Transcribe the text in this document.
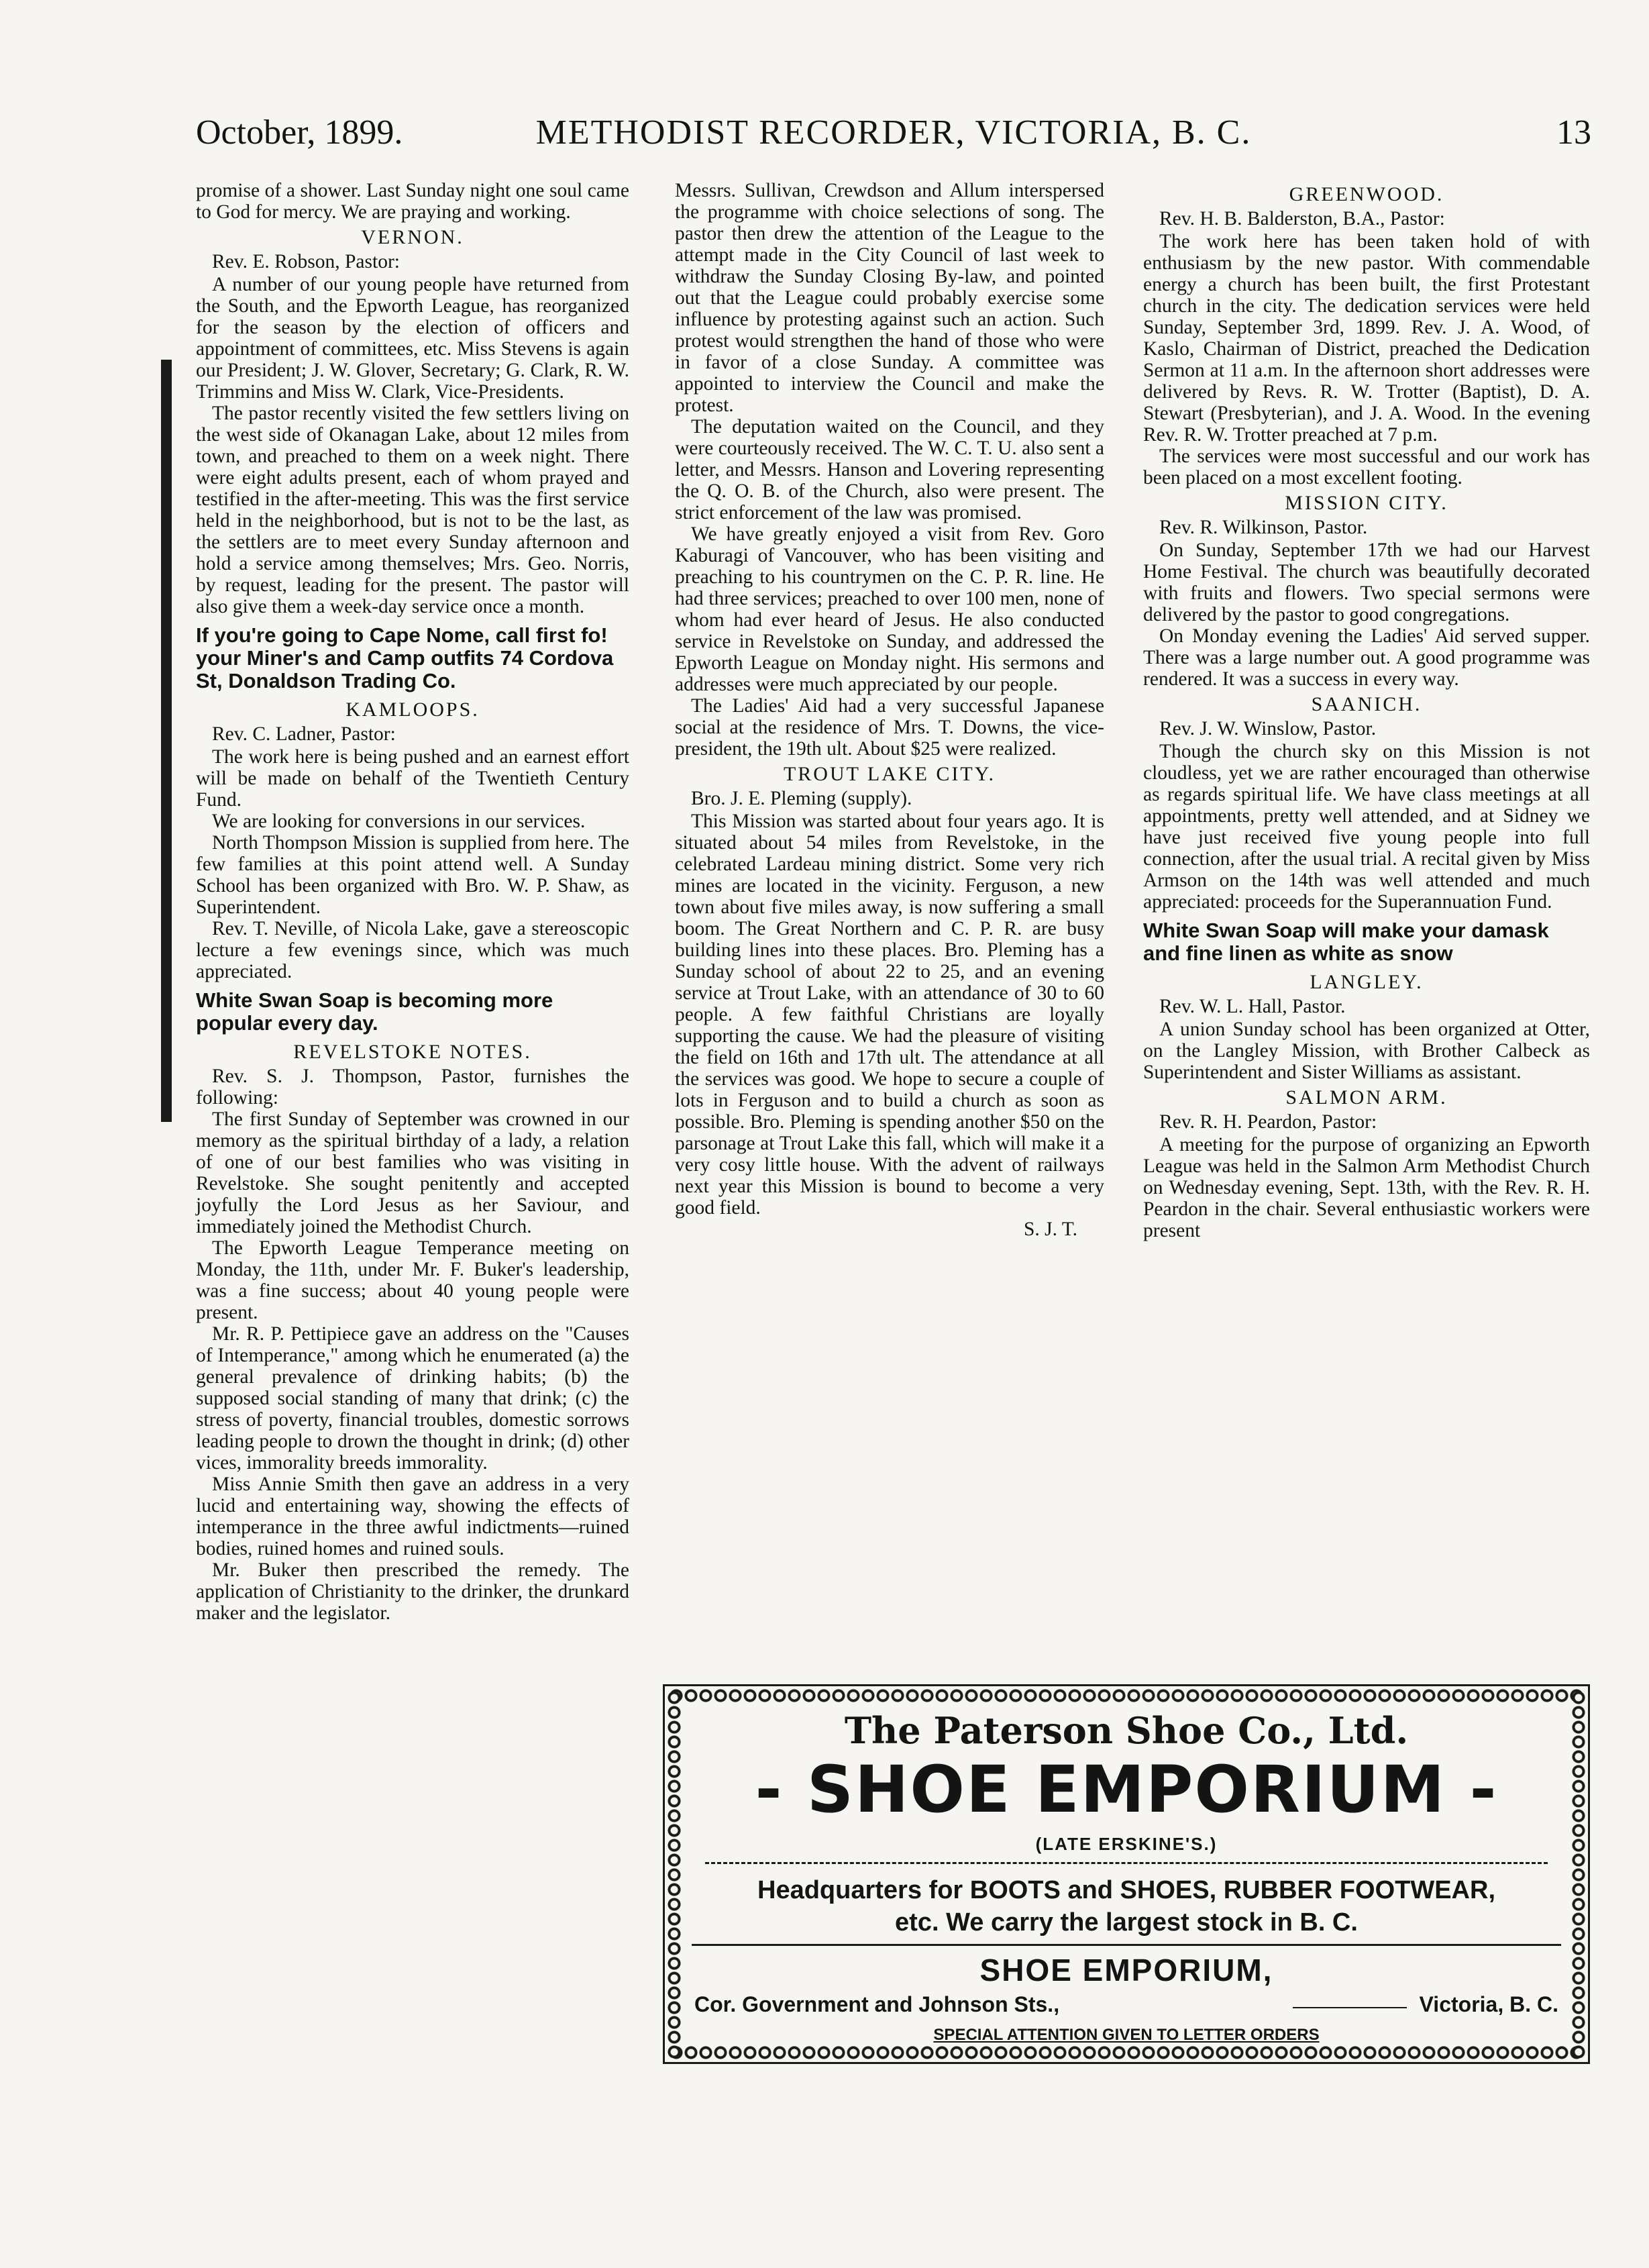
October, 1899.	METHODIST RECORDER, VICTORIA, B. C.	13

promise of a shower. Last Sunday night one soul came to God for mercy. We are praying and working.

VERNON.
Rev. E. Robson, Pastor:

A number of our young people have returned from the South, and the Epworth League, has reorganized for the season by the election of officers and appointment of committees, etc. Miss Stevens is again our President; J. W. Glover, Secretary; G. Clark, R. W. Trimmins and Miss W. Clark, Vice-Presidents.

The pastor recently visited the few settlers living on the west side of Okanagan Lake, about 12 miles from town, and preached to them on a week night. There were eight adults present, each of whom prayed and testified in the after-meeting. This was the first service held in the neighborhood, but is not to be the last, as the settlers are to meet every Sunday afternoon and hold a service among themselves; Mrs. Geo. Norris, by request, leading for the present. The pastor will also give them a week-day service once a month.

If you're going to Cape Nome, call first fo! your Miner's and Camp outfits 74 Cordova St, Donaldson Trading Co.
KAMLOOPS.
Rev. C. Ladner, Pastor:

The work here is being pushed and an earnest effort will be made on behalf of the Twentieth Century Fund.

We are looking for conversions in our services.

North Thompson Mission is supplied from here. The few families at this point attend well. A Sunday School has been organized with Bro. W. P. Shaw, as Superintendent.

Rev. T. Neville, of Nicola Lake, gave a stereoscopic lecture a few evenings since, which was much appreciated.

White Swan Soap is becoming more popular every day.
REVELSTOKE NOTES.

Rev. S. J. Thompson, Pastor, furnishes the following:

The first Sunday of September was crowned in our memory as the spiritual birthday of a lady, a relation of one of our best families who was visiting in Revelstoke. She sought penitently and accepted joyfully the Lord Jesus as her Saviour, and immediately joined the Methodist Church.

The Epworth League Temperance meeting on Monday, the 11th, under Mr. F. Buker's leadership, was a fine success; about 40 young people were present.

Mr. R. P. Pettipiece gave an address on the "Causes of Intemperance," among which he enumerated (a) the general prevalence of drinking habits; (b) the supposed social standing of many that drink; (c) the stress of poverty, financial troubles, domestic sorrows leading people to drown the thought in drink; (d) other vices, immorality breeds immorality.

Miss Annie Smith then gave an address in a very lucid and entertaining way, showing the effects of intemperance in the three awful indictments—ruined bodies, ruined homes and ruined souls.

Mr. Buker then prescribed the remedy. The application of Christianity to the drinker, the drunkard maker and the legislator.

Messrs. Sullivan, Crewdson and Allum interspersed the programme with choice selections of song. The pastor then drew the attention of the League to the attempt made in the City Council of last week to withdraw the Sunday Closing By-law, and pointed out that the League could probably exercise some influence by protesting against such an action. Such protest would strengthen the hand of those who were in favor of a close Sunday. A committee was appointed to interview the Council and make the protest.

The deputation waited on the Council, and they were courteously received. The W. C. T. U. also sent a letter, and Messrs. Hanson and Lovering representing the Q. O. B. of the Church, also were present. The strict enforcement of the law was promised.

We have greatly enjoyed a visit from Rev. Goro Kaburagi of Vancouver, who has been visiting and preaching to his countrymen on the C. P. R. line. He had three services; preached to over 100 men, none of whom had ever heard of Jesus. He also conducted service in Revelstoke on Sunday, and addressed the Epworth League on Monday night. His sermons and addresses were much appreciated by our people.

The Ladies' Aid had a very successful Japanese social at the residence of Mrs. T. Downs, the vice-president, the 19th ult. About $25 were realized.

TROUT LAKE CITY.
Bro. J. E. Pleming (supply).

This Mission was started about four years ago. It is situated about 54 miles from Revelstoke, in the celebrated Lardeau mining district. Some very rich mines are located in the vicinity. Ferguson, a new town about five miles away, is now suffering a small boom. The Great Northern and C. P. R. are busy building lines into these places. Bro. Pleming has a Sunday school of about 22 to 25, and an evening service at Trout Lake, with an attendance of 30 to 60 people. A few faithful Christians are loyally supporting the cause. We had the pleasure of visiting the field on 16th and 17th ult. The attendance at all the services was good. We hope to secure a couple of lots in Ferguson and to build a church as soon as possible. Bro. Pleming is spending another $50 on the parsonage at Trout Lake this fall, which will make it a very cosy little house. With the advent of railways next year this Mission is bound to become a very good field.

S. J. T.
GREENWOOD.
Rev. H. B. Balderston, B.A., Pastor:

The work here has been taken hold of with enthusiasm by the new pastor. With commendable energy a church has been built, the first Protestant church in the city. The dedication services were held Sunday, September 3rd, 1899. Rev. J. A. Wood, of Kaslo, Chairman of District, preached the Dedication Sermon at 11 a.m. In the afternoon short addresses were delivered by Revs. R. W. Trotter (Baptist), D. A. Stewart (Presbyterian), and J. A. Wood. In the evening Rev. R. W. Trotter preached at 7 p.m.

The services were most successful and our work has been placed on a most excellent footing.

MISSION CITY.
Rev. R. Wilkinson, Pastor.

On Sunday, September 17th we had our Harvest Home Festival. The church was beautifully decorated with fruits and flowers. Two special sermons were delivered by the pastor to good congregations.

On Monday evening the Ladies' Aid served supper. There was a large number out. A good programme was rendered. It was a success in every way.

SAANICH.
Rev. J. W. Winslow, Pastor.

Though the church sky on this Mission is not cloudless, yet we are rather encouraged than otherwise as regards spiritual life. We have class meetings at all appointments, pretty well attended, and at Sidney we have just received five young people into full connection, after the usual trial. A recital given by Miss Armson on the 14th was well attended and much appreciated: proceeds for the Superannuation Fund.

White Swan Soap will make your damask and fine linen as white as snow
LANGLEY.
Rev. W. L. Hall, Pastor.

A union Sunday school has been organized at Otter, on the Langley Mission, with Brother Calbeck as Superintendent and Sister Williams as assistant.

SALMON ARM.
Rev. R. H. Peardon, Pastor:

A meeting for the purpose of organizing an Epworth League was held in the Salmon Arm Methodist Church on Wednesday evening, Sept. 13th, with the Rev. R. H. Peardon in the chair. Several enthusiastic workers were present

The Paterson Shoe Co., Ltd.
- SHOE EMPORIUM -
(LATE ERSKINE'S.)
Headquarters for BOOTS and SHOES, RUBBER FOOTWEAR,
etc. We carry the largest stock in B. C.
SHOE EMPORIUM,
Cor. Government and Johnson Sts.,	Victoria, B. C.
SPECIAL ATTENTION GIVEN TO LETTER ORDERS
